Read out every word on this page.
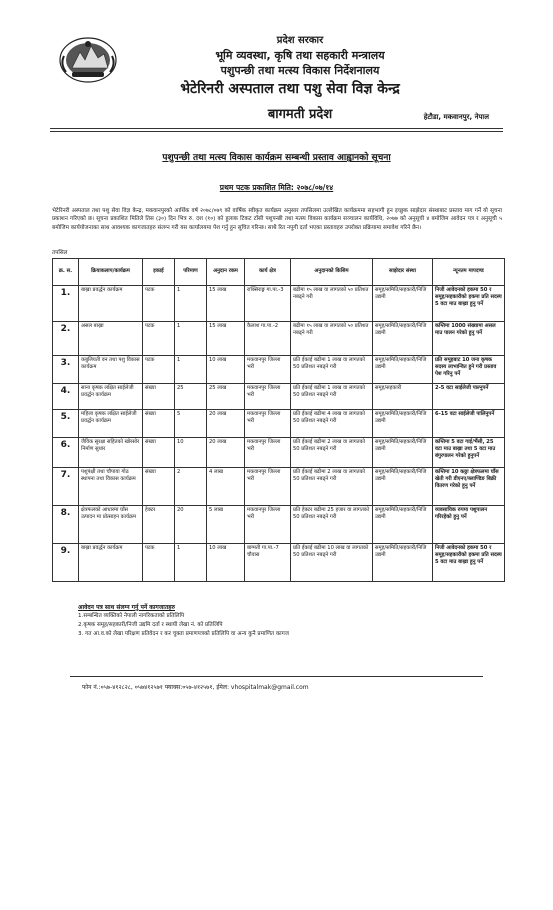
प्रदेश सरकार
भूमि व्यवस्था, कृषि तथा सहकारी मन्त्रालय
पशुपन्छी तथा मत्स्य विकास निर्देशनालय
भेटेरिनरी अस्पताल तथा पशु सेवा विज्ञ केन्द्र
बागमती प्रदेश	हेटौडा, मकवानपुर, नेपाल
पशुपन्छी तथा मत्स्य विकास कार्यक्रम सम्बन्धी प्रस्ताव आह्वानको सूचना
प्रथम पटक प्रकाशित मिति: २०७८/०७/१४
भेटेरिनरी अस्पताल तथा पशु सेवा विज्ञ केन्द्र, मकवानपुरको आर्थिक वर्ष २०७८/०७९ को वार्षिक स्वीकृत कार्यक्रम अनुसार तपसिलमा उल्लेखित कार्यक्रममा सहभागी हुन इच्छुक साझेदार संस्थाबाट प्रस्ताव माग गर्ने यो सूचना प्रकाशन गरिएको छ। सूचना प्रकाशित मितिले तिस (३०) दिन भित्र रु. दश (१०) को हुलाक टिकट टाँसी पशुपन्छी तथा मत्स्य विकास कार्यक्रम सञ्चालन कार्यविधि, २०७७ को अनुसूची ४ बमोजिम आवेदन पत्र र अनुसूची ५ बमोजिम कार्ययोजनाका साथ आवश्यक कागजातहरु संलग्न गरी यस कार्यालयमा पेश गर्नु हुन सूचित गरिन्छ। साथै रित नपुगी दर्ता भएका प्रस्तावहरु उपरोक्त प्रक्रियामा समावेश गरिने छैन।
तपसिल
क्र. स.	क्रियाकलाप/कार्यक्रम	इकाई	परिमाण	अनुदान रकम	कार्य क्षेत्र	अनुदानको किसिम	साझेदार संस्था	न्यूनतम मापदण्ड
1.	बाख्रा प्रवर्द्धन कार्यक्रम	पटक	1	15 लाख	राक्सिराङ्ग गा.पा.-3	बढीमा १५ लाख वा लागतको ५० प्रतिशत नबढ्ने गरी	समूह/समिति/सहकारी/निजि उद्यमी	निजी आवेदनको हकमा 50 र समूह/सहकारीको हकमा प्रति सदस्य 5 वटा माउ बाख्रा हुनु पर्ने
2.	असल बाख्रा	पटक	1	15 लाख	कैलाश गा.पा.-2	बढीमा १५ लाख वा लागतको ५० प्रतिशत नबढ्ने गरी	समूह/समिति/सहकारी/निजि उद्यमी	कम्तिमा 1000 संख्यामा असल माउ पालन गरेको हुनु पर्ने
3.	कबुलियती वन तथा पशु विकास कार्यक्रम	पटक	1	10 लाख	मकवानपुर जिल्ला भरी	प्रति ईकाई बढीमा 1 लाख वा लागतको 50 प्रतिशत नबढ्ने गरी	समूह/समिति/सहकारी/निजि उद्यमी	प्रति समूहबाट 10 जना कृषक सदस्य लाभान्वित हुने गरी प्रस्ताव पेश गरिनु पर्ने
4.	साना कृषक लक्षित साईलेजी प्रवर्द्धन कार्यक्रम	संख्या	25	25 लाख	मकवानपुर जिल्ला भरी	प्रति ईकाई बढीमा 1 लाख वा लागतको 50 प्रतिशत नबढ्ने गरी	समूह/सहकारी	2-5 वटा साईलेजी पाल्नुपर्ने
5.	महिला कृषक लक्षित साईलेजी प्रवर्द्धन कार्यक्रम	संख्या	5	20 लाख	मकवानपुर जिल्ला भरी	प्रति ईकाई बढीमा 4 लाख वा लागतको 50 प्रतिशत नबढ्ने गरी	समूह/समिति/सहकारी/निजि उद्यमी	6-15 वटा साईलेजी पालिनुपर्ने
6.	जैविक सुरक्षा सहितको खोरसोर निर्माण सुधार	संख्या	10	20 लाख	मकवानपुर जिल्ला भरी	प्रति ईकाई बढीमा 2 लाख वा लागतको 50 प्रतिशत नबढ्ने गरी	समूह/समिति/सहकारी/निजि उद्यमी	कम्तिमा 5 वटा गाई/भैंसी, 25 वटा माउ बाख्रा तथा 5 वटा माउ बंगुरपालन गरेको हुनुपर्ने
7.	पशुपंक्षी तथा चौपाया गोठ स्थापना तथा विकास कार्यक्रम	संख्या	2	4 लाख	मकवानपुर जिल्ला भरी	प्रति ईकाई बढीमा 2 लाख वा लागतको 50 प्रतिशत नबढ्ने गरी	समूह/समिति/सहकारी/निजि उद्यमी	कम्तिमा 10 कठ्ठा क्षेत्रफलमा घाँस खेती गरी डीएनए/ब्लाण्डिङ बिक्री वितरण गरेको हुनु पर्ने
8.	क्षेत्रफलको आधारमा घाँस उत्पादन मा प्रोत्साहन कार्यक्रम	हेक्टर	20	5 लाख	मकवानपुर जिल्ला भरी	प्रति हेक्टर बढीमा 25 हजार वा लागतको 50 प्रतिशत नबढ्ने गरी	समूह/समिति/सहकारी/निजि उद्यमी	व्यवसायिक रुपमा पशुपालन गरिरहेको हुनु पर्ने
9.	बाख्रा प्रवर्द्धन कार्यक्रम	पटक	1	10 लाख	बाग्मती गा.पा.-7 चौवास	प्रति ईकाई बढीमा 10 लाख वा लागतको 50 प्रतिशत नबढ्ने गरी	समूह/समिति/सहकारी/निजि उद्यमी	निजी आवेदनको हकमा 50 र समूह/सहकारीको हकमा प्रति सदस्य 5 वटा माउ बाख्रा हुनु पर्ने
आवेदन पत्र साथ संलग्न गर्नु पर्ने कागजातहरु
1.सम्बन्धित व्यक्तिको नेपाली नागरिकताको प्रतिलिपि
2.कृषक समूह/सहकारी/निजी उद्यमि दर्ता र स्थायी लेखा नं. को प्रतिलिपि
3. गत आ.व.को लेखा परिक्षण प्रतिवेदन र कर चुक्ता प्रमाणपत्रको प्रतिलिपि वा अन्य कुनै प्रमाणित कागज
फोन नं.:०५७-४१२८२८, ०५७४१२५७१ फ्याक्स:०५७-४१२५७१, ईमेल: vhospitalmak@gmail.com
